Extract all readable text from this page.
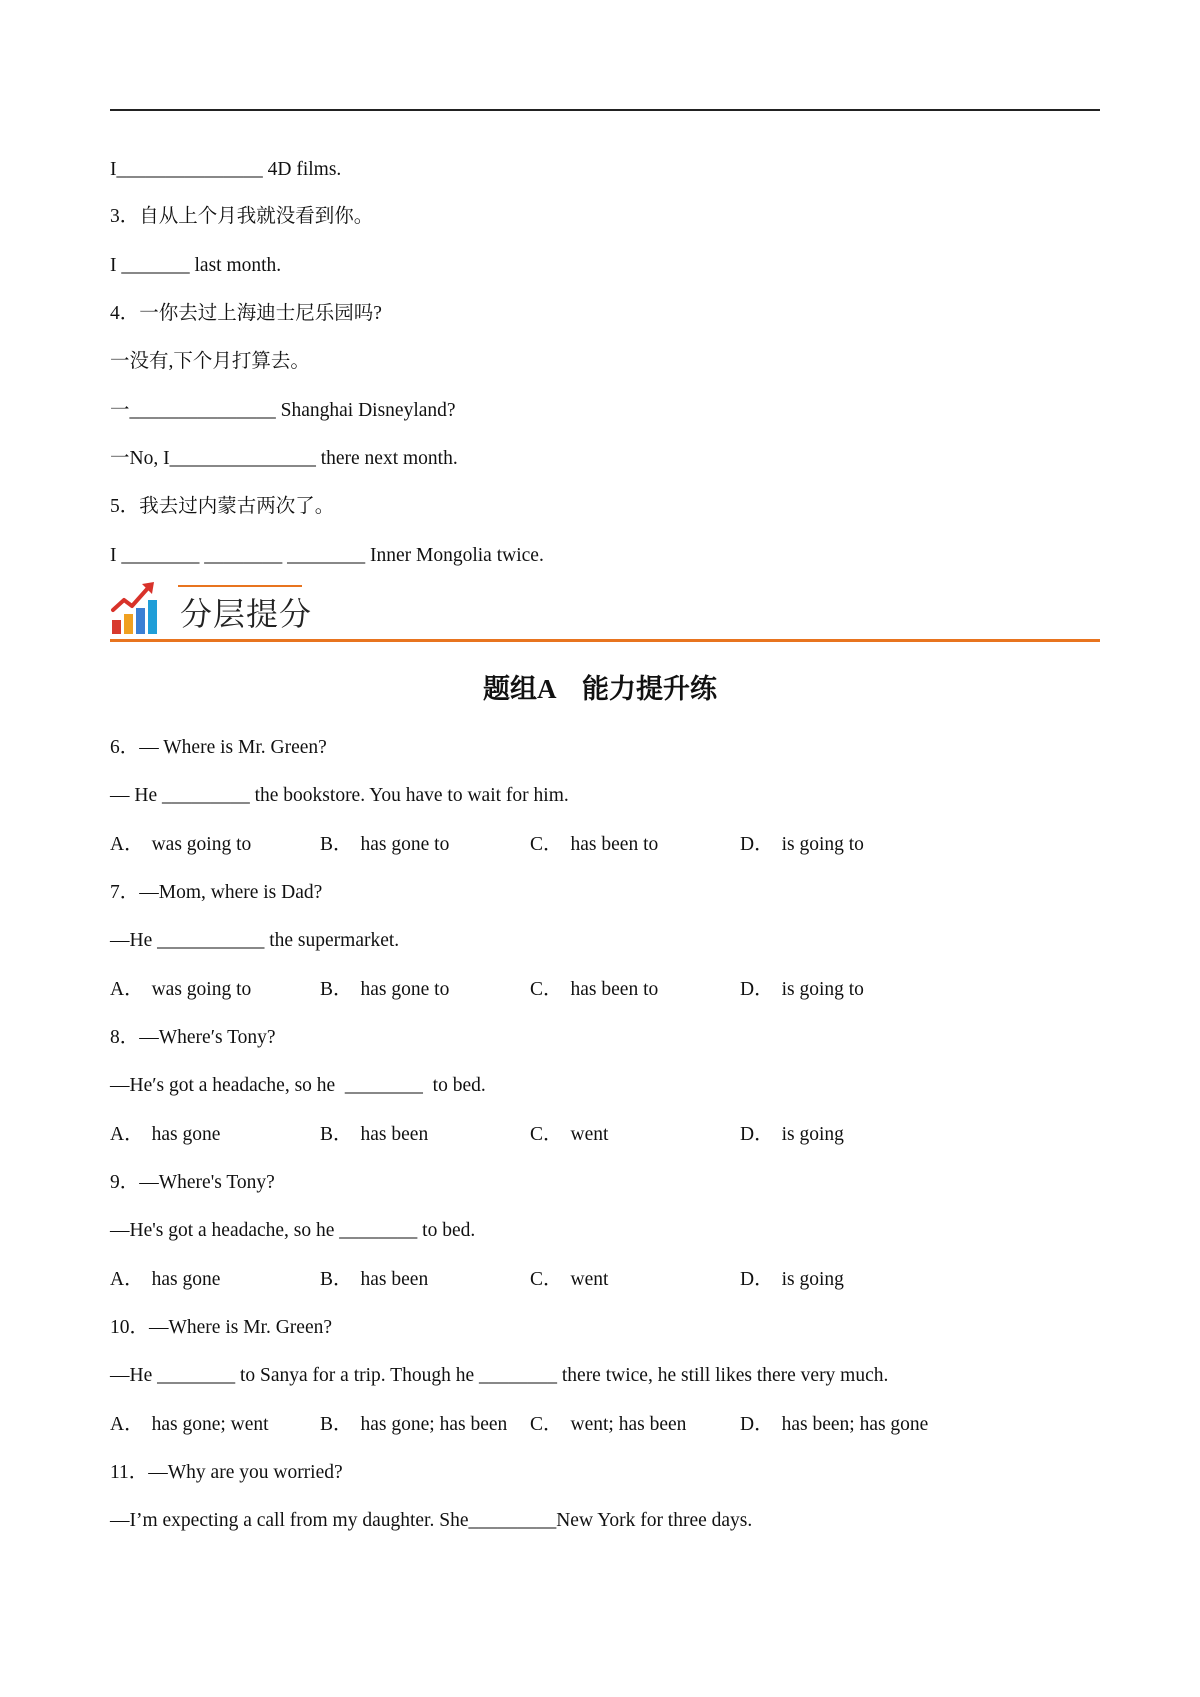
I_______________ 4D films.
3．自从上个月我就没看到你。
I _______ last month.
4．一你去过上海迪士尼乐园吗?
一没有,下个月打算去。
一_______________ Shanghai Disneyland?
一No, I_______________ there next month.
5．我去过内蒙古两次了。
I ________ ________ ________ Inner Mongolia twice.
分层提分
题组A　能力提升练
6．— Where is Mr. Green?
— He _________ the bookstore. You have to wait for him.
A． was going to	B． has gone to	C． has been to	D． is going to
7．—Mom, where is Dad?
—He ___________ the supermarket.
A． was going to	B． has gone to	C． has been to	D． is going to
8．—Where′s Tony?
—He′s got a headache, so he  ________  to bed.
A． has gone	B． has been	C． went	D． is going
9．—Where's Tony?
—He's got a headache, so he ________ to bed.
A． has gone	B． has been	C． went	D． is going
10．—Where is Mr. Green?
—He ________ to Sanya for a trip. Though he ________ there twice, he still likes there very much.
A． has gone; went	B． has gone; has been C． went; has been	D． has been; has gone
11．—Why are you worried?
—I’m expecting a call from my daughter. She_________New York for three days.
